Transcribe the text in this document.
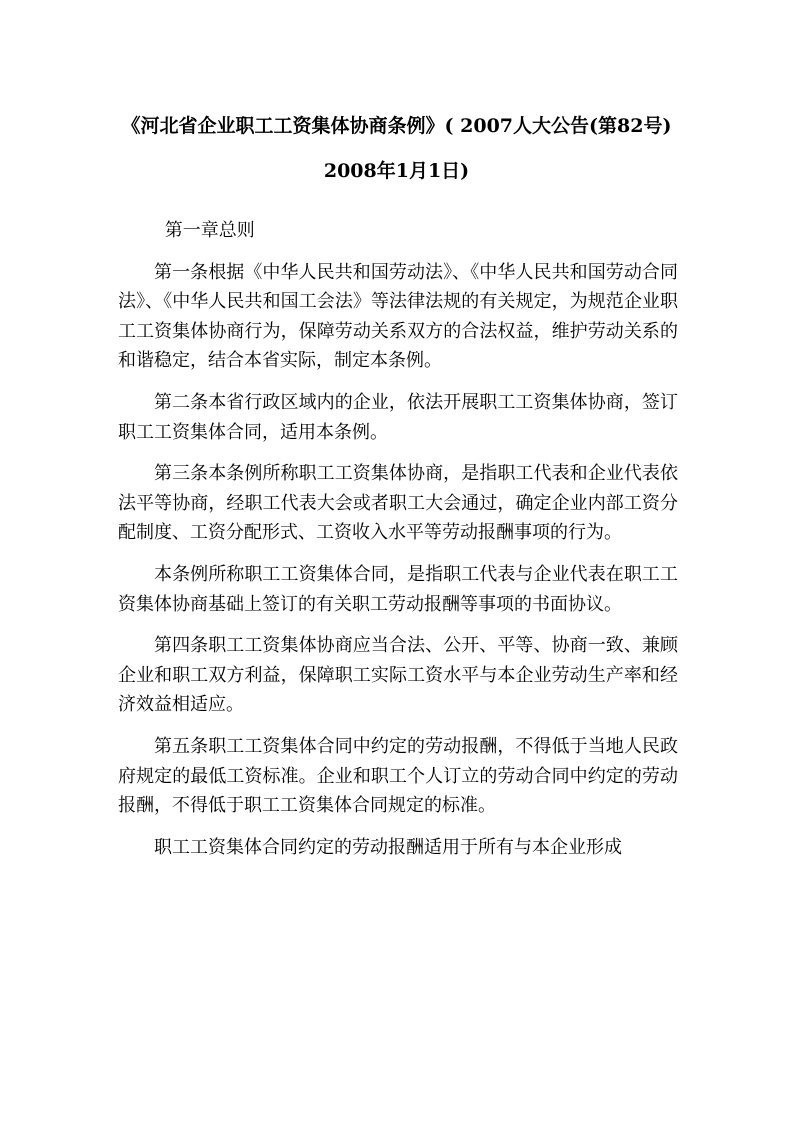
《河北省企业职工工资集体协商条例》( 2007人大公告(第82号)
2008年1月1日)

第一章总则

第一条根据《中华人民共和国劳动法》、《中华人民共和国劳动合同法》、《中华人民共和国工会法》等法律法规的有关规定，为规范企业职工工资集体协商行为，保障劳动关系双方的合法权益，维护劳动关系的和谐稳定，结合本省实际，制定本条例。

第二条本省行政区域内的企业，依法开展职工工资集体协商，签订职工工资集体合同，适用本条例。

第三条本条例所称职工工资集体协商，是指职工代表和企业代表依法平等协商，经职工代表大会或者职工大会通过，确定企业内部工资分配制度、工资分配形式、工资收入水平等劳动报酬事项的行为。

本条例所称职工工资集体合同，是指职工代表与企业代表在职工工资集体协商基础上签订的有关职工劳动报酬等事项的书面协议。

第四条职工工资集体协商应当合法、公开、平等、协商一致、兼顾企业和职工双方利益，保障职工实际工资水平与本企业劳动生产率和经济效益相适应。

第五条职工工资集体合同中约定的劳动报酬，不得低于当地人民政府规定的最低工资标准。企业和职工个人订立的劳动合同中约定的劳动报酬，不得低于职工工资集体合同规定的标准。

职工工资集体合同约定的劳动报酬适用于所有与本企业形成
